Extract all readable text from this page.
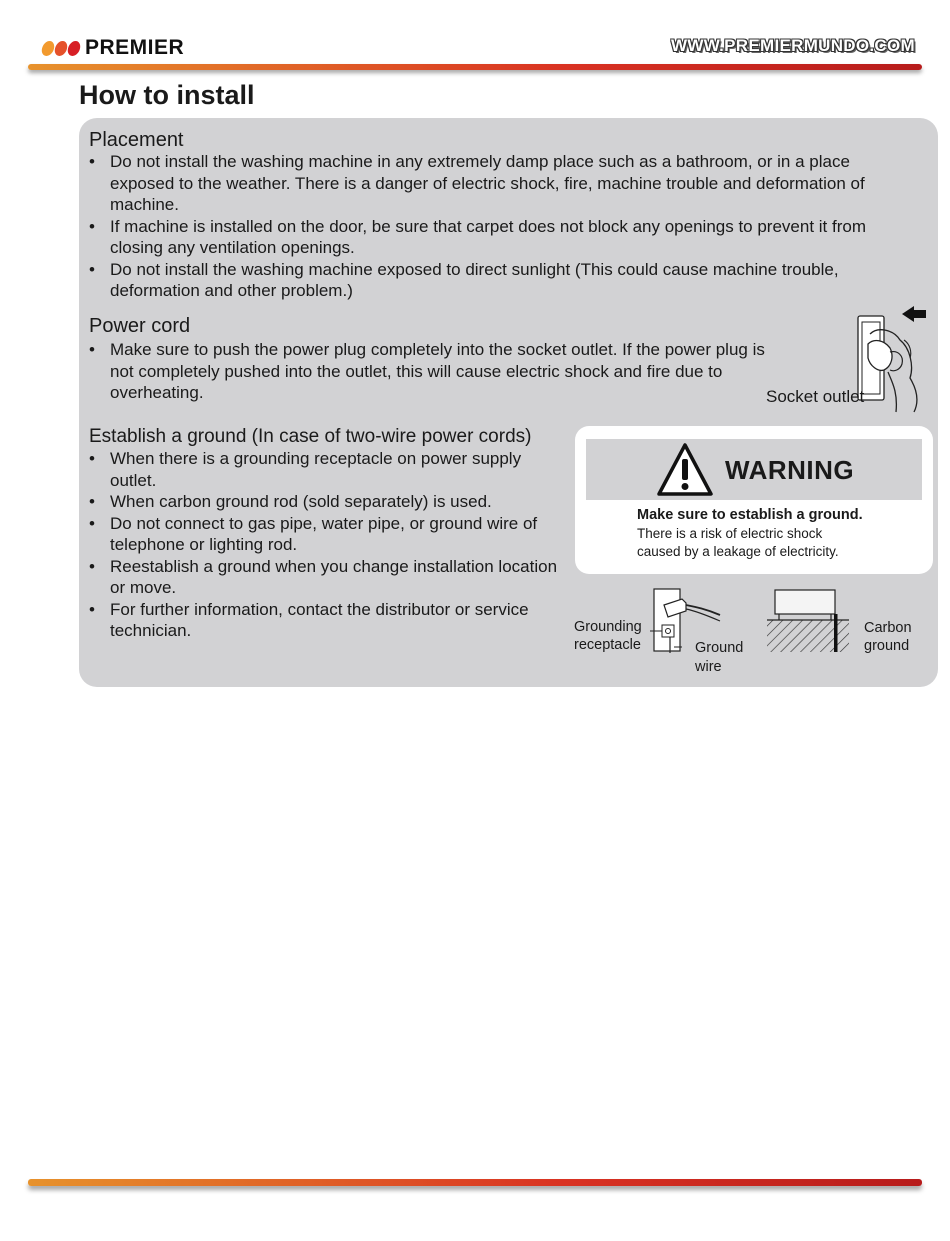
PREMIER	WWW.PREMIERMUNDO.COM
How to install
Placement
• Do not install the washing machine in any extremely damp place such as a bathroom, or in a place exposed to the weather. There is a danger of electric shock, fire, machine trouble and deformation of machine.
• If machine is installed on the door, be sure that carpet does not block any openings to prevent it from closing any ventilation openings.
• Do not install the washing machine exposed to direct sunlight (This could cause machine trouble, deformation and other problem.)
Power cord
• Make sure to push the power plug completely into the socket outlet. If the power plug is not completely pushed into the outlet, this will cause electric shock and fire due to overheating.	Socket outlet
Establish a ground (In case of two-wire power cords)
• When there is a grounding receptacle on power supply outlet.
• When carbon ground rod (sold separately) is used.
• Do not connect to gas pipe, water pipe, or ground wire of telephone or lighting rod.
• Reestablish a ground when you change installation location or move.
• For further information, contact the distributor or service technician.
WARNING
Make sure to establish a ground.
There is a risk of electric shock
caused by a leakage of electricity.
Grounding
receptacle	Ground
wire
Carbon
ground
